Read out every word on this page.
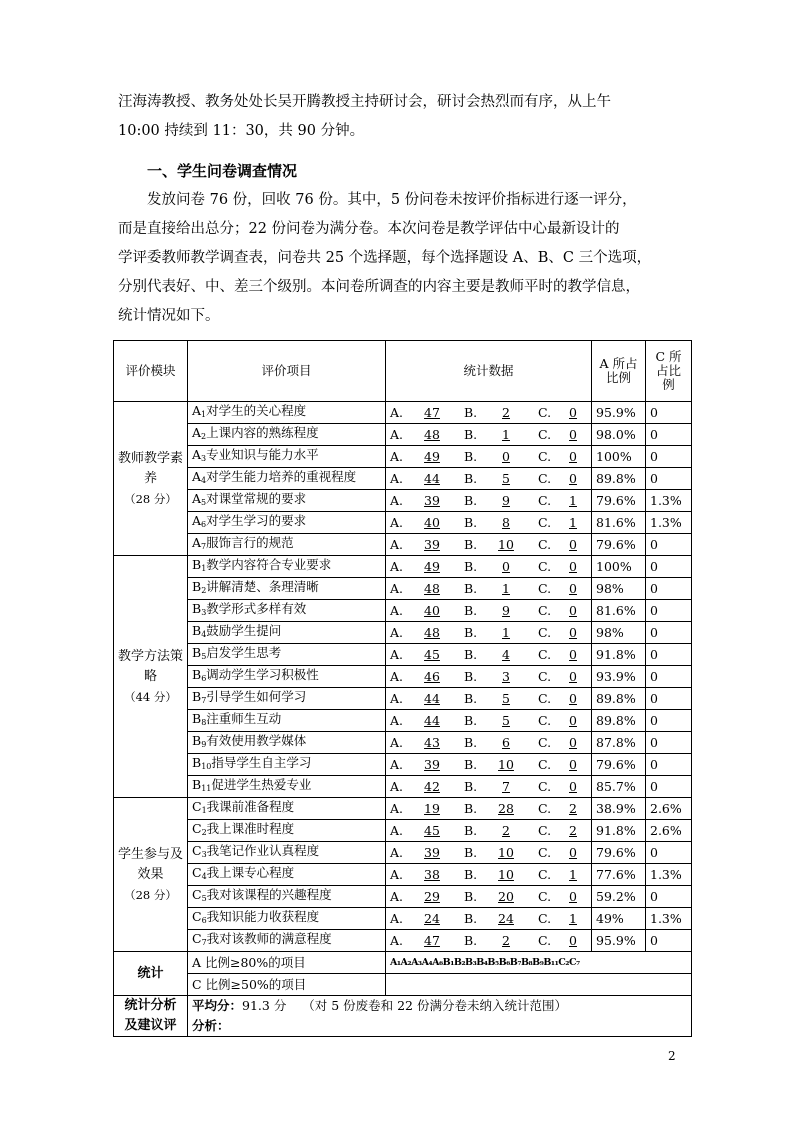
汪海涛教授、教务处处长吴开腾教授主持研讨会，研讨会热烈而有序，从上午
10:00 持续到 11：30，共 90 分钟。
一、学生问卷调查情况
发放问卷 76 份，回收 76 份。其中，5 份问卷未按评价指标进行逐一评分，
而是直接给出总分；22 份问卷为满分卷。本次问卷是教学评估中心最新设计的
学评委教师教学调查表，问卷共 25 个选择题，每个选择题设 A、B、C 三个选项，
分别代表好、中、差三个级别。本问卷所调查的内容主要是教师平时的教学信息，
统计情况如下。
评价模块	评价项目	统计数据	A 所占比例	C 所占比例
教师教学素养
（28 分）	$A_1$对学生的关心程度	A. 47 B. 2 C. 0	95.9%	0
	$A_2$上课内容的熟练程度	A. 48 B. 1 C. 0	98.0%	0
	$A_3$专业知识与能力水平	A. 49 B. 0 C. 0	100%	0
	$A_4$对学生能力培养的重视程度	A. 44 B. 5 C. 0	89.8%	0
	$A_5$对课堂常规的要求	A. 39 B. 9 C. 1	79.6%	1.3%
	$A_6$对学生学习的要求	A. 40 B. 8 C. 1	81.6%	1.3%
	$A_7$服饰言行的规范	A. 39 B. 10 C. 0	79.6%	0
教学方法策略
（44 分）	$B_1$教学内容符合专业要求	A. 49 B. 0 C. 0	100%	0
	$B_2$讲解清楚、条理清晰	A. 48 B. 1 C. 0	98%	0
	$B_3$教学形式多样有效	A. 40 B. 9 C. 0	81.6%	0
	$B_4$鼓励学生提问	A. 48 B. 1 C. 0	98%	0
	$B_5$启发学生思考	A. 45 B. 4 C. 0	91.8%	0
	$B_6$调动学生学习积极性	A. 46 B. 3 C. 0	93.9%	0
	$B_7$引导学生如何学习	A. 44 B. 5 C. 0	89.8%	0
	$B_8$注重师生互动	A. 44 B. 5 C. 0	89.8%	0
	$B_9$有效使用教学媒体	A. 43 B. 6 C. 0	87.8%	0
	$B_{10}$指导学生自主学习	A. 39 B. 10 C. 0	79.6%	0
	$B_{11}$促进学生热爱专业	A. 42 B. 7 C. 0	85.7%	0
学生参与及效果
（28 分）	$C_1$我课前准备程度	A. 19 B. 28 C. 2	38.9%	2.6%
	$C_2$我上课准时程度	A. 45 B. 2 C. 2	91.8%	2.6%
	$C_3$我笔记作业认真程度	A. 39 B. 10 C. 0	79.6%	0
	$C_4$我上课专心程度	A. 38 B. 10 C. 1	77.6%	1.3%
	$C_5$我对该课程的兴趣程度	A. 29 B. 20 C. 0	59.2%	0
	$C_6$我知识能力收获程度	A. 24 B. 24 C. 1	49%	1.3%
	$C_7$我对该教师的满意程度	A. 47 B. 2 C. 0	95.9%	0
统计	A 比例≥80%的项目	A₁A₂A₃A₄A₆B₁B₂B₃B₄B₅B₆B₇B₈B₉B₁₁C₂C₇		
	C 比例≥50%的项目			
统计分析
及建议评	平均分：91.3 分 （对 5 份废卷和 22 份满分卷未纳入统计范围）
分析：			
2
